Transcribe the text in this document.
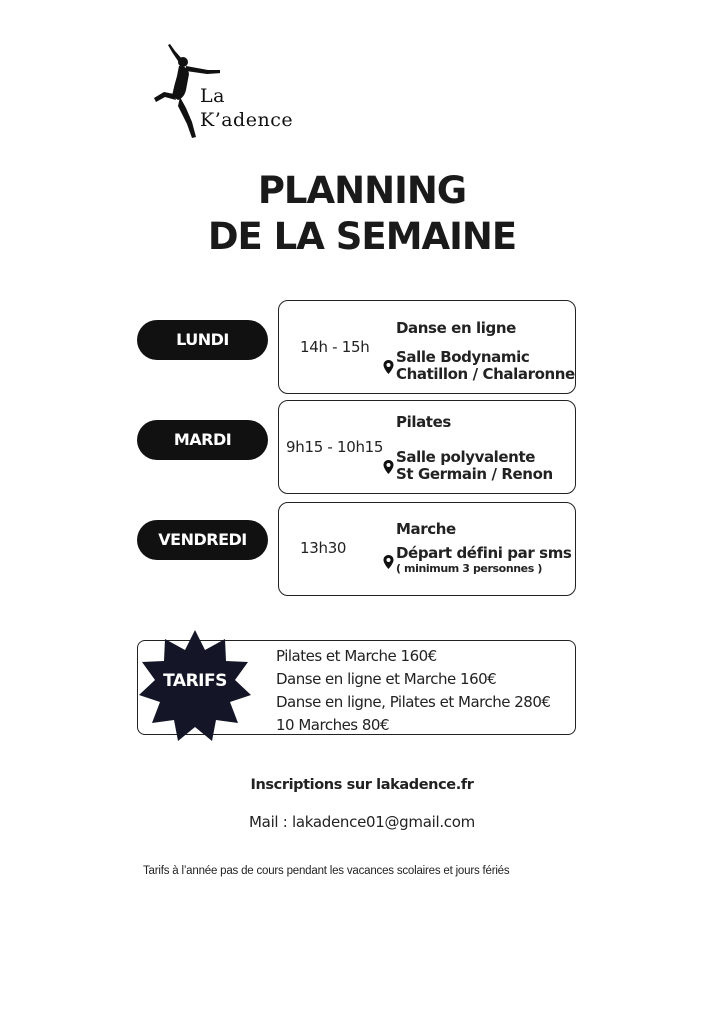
La
K’adence
PLANNING
DE LA SEMAINE
LUNDI	14h - 15h
Danse en ligne
Salle Bodynamic
Chatillon / Chalaronne
MARDI	9h15 - 10h15
Pilates
Salle polyvalente
St Germain / Renon
VENDREDI	13h30
Marche
Départ défini par sms
( minimum 3 personnes )
TARIFS
Pilates et Marche 160€
Danse en ligne et Marche 160€
Danse en ligne, Pilates et Marche 280€
10 Marches 80€
Inscriptions sur lakadence.fr
Mail : lakadence01@gmail.com
Tarifs à l’année pas de cours pendant les vacances scolaires et jours fériés
